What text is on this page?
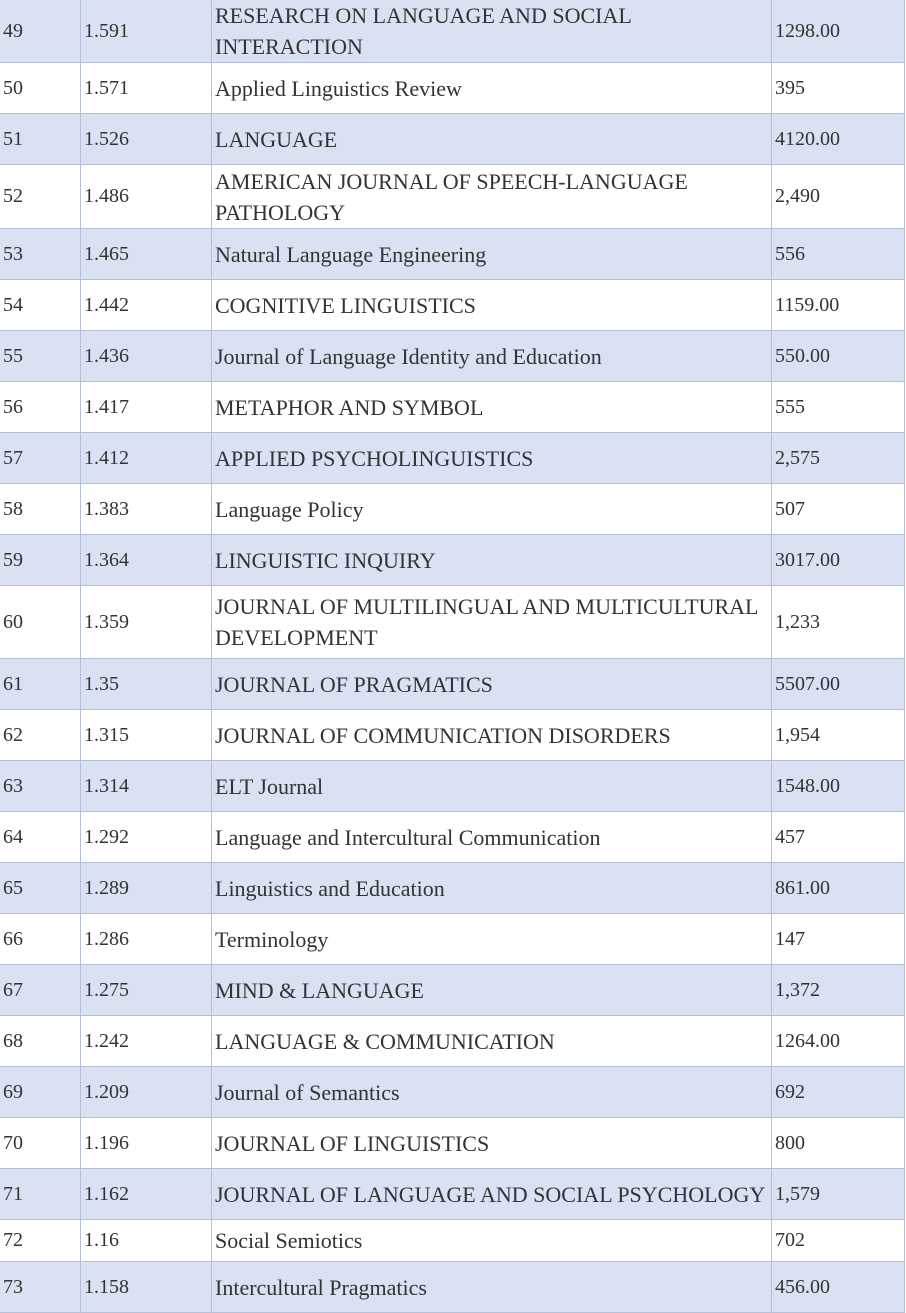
49	1.591	RESEARCH ON LANGUAGE AND SOCIAL INTERACTION	1298.00
50	1.571	Applied Linguistics Review	395
51	1.526	LANGUAGE	4120.00
52	1.486	AMERICAN JOURNAL OF SPEECH-LANGUAGE PATHOLOGY	2,490
53	1.465	Natural Language Engineering	556
54	1.442	COGNITIVE LINGUISTICS	1159.00
55	1.436	Journal of Language Identity and Education	550.00
56	1.417	METAPHOR AND SYMBOL	555
57	1.412	APPLIED PSYCHOLINGUISTICS	2,575
58	1.383	Language Policy	507
59	1.364	LINGUISTIC INQUIRY	3017.00
60	1.359	JOURNAL OF MULTILINGUAL AND MULTICULTURAL DEVELOPMENT	1,233
61	1.35	JOURNAL OF PRAGMATICS	5507.00
62	1.315	JOURNAL OF COMMUNICATION DISORDERS	1,954
63	1.314	ELT Journal	1548.00
64	1.292	Language and Intercultural Communication	457
65	1.289	Linguistics and Education	861.00
66	1.286	Terminology	147
67	1.275	MIND & LANGUAGE	1,372
68	1.242	LANGUAGE & COMMUNICATION	1264.00
69	1.209	Journal of Semantics	692
70	1.196	JOURNAL OF LINGUISTICS	800
71	1.162	JOURNAL OF LANGUAGE AND SOCIAL PSYCHOLOGY	1,579
72	1.16	Social Semiotics	702
73	1.158	Intercultural Pragmatics	456.00
